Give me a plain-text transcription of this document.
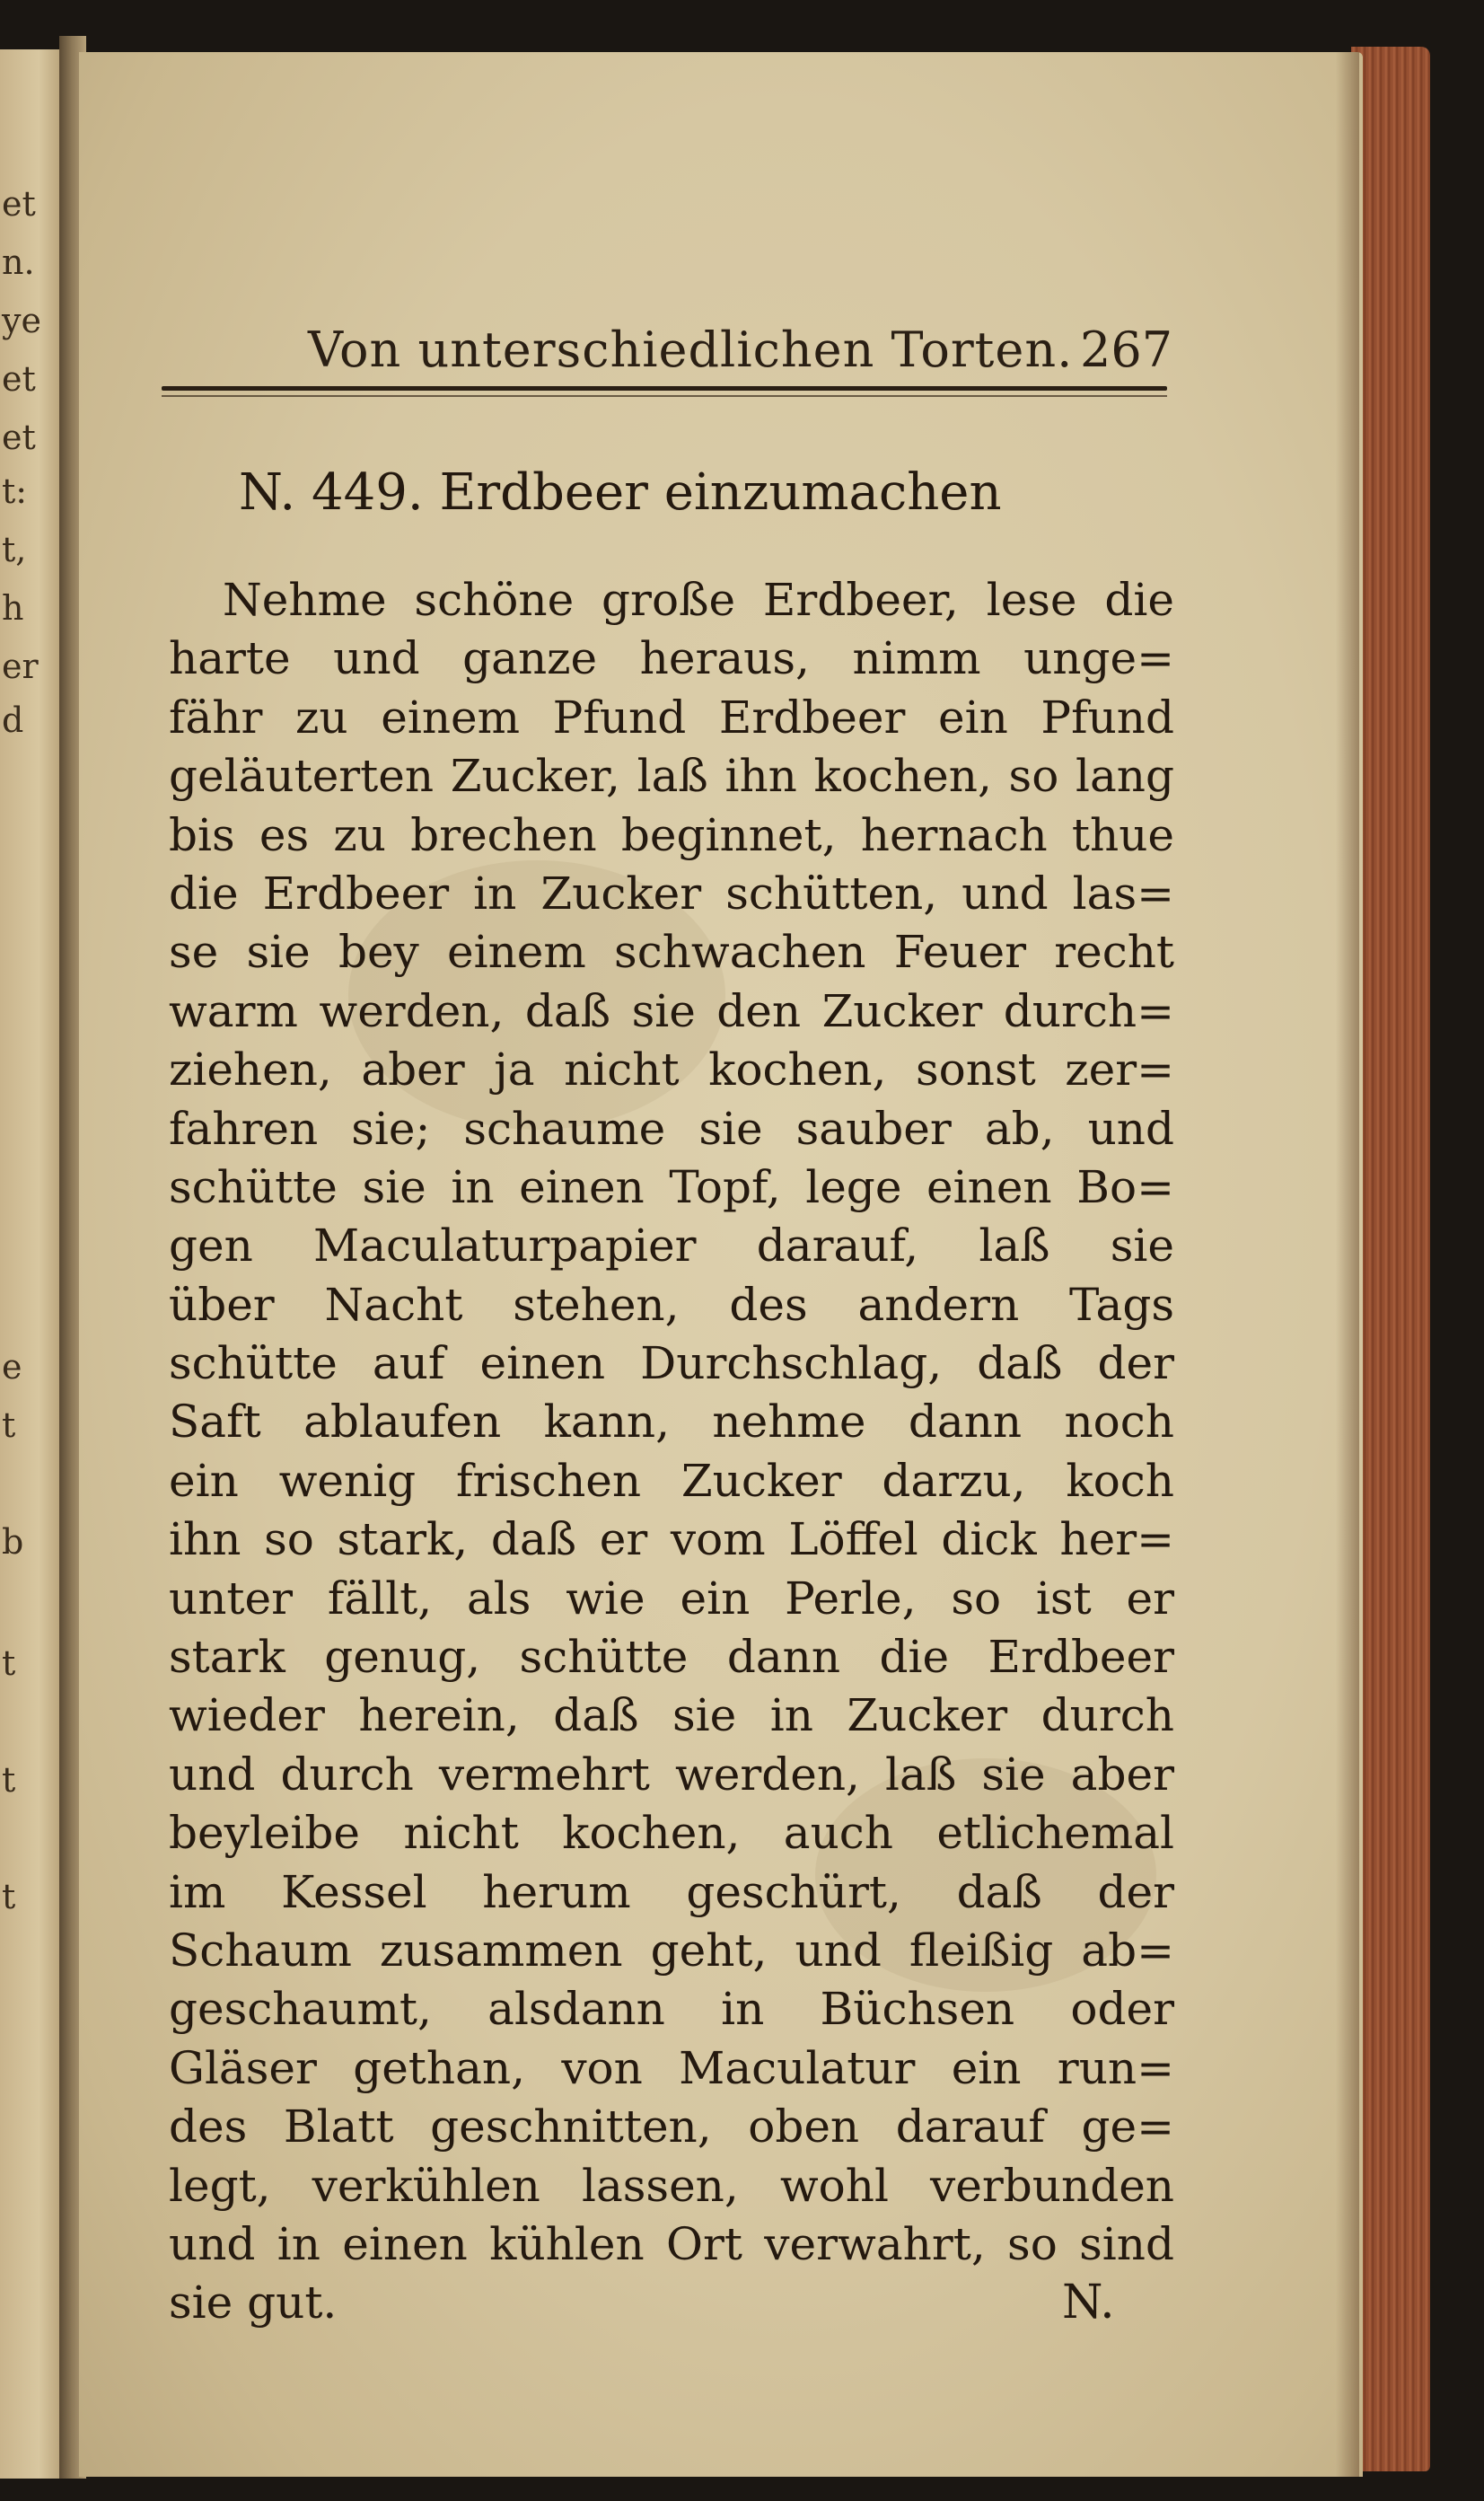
et
n.
ye
et
et
t:
t,
h
er
d
e
t
b
t
t
t
Von unterschiedlichen Torten. 267
N. 449. Erdbeer einzumachen
Nehme schöne große Erdbeer, lese die
harte und ganze heraus, nimm unge=
fähr zu einem Pfund Erdbeer ein Pfund
geläuterten Zucker, laß ihn kochen, so lang
bis es zu brechen beginnet, hernach thue
die Erdbeer in Zucker schütten, und las=
se sie bey einem schwachen Feuer recht
warm werden, daß sie den Zucker durch=
ziehen, aber ja nicht kochen, sonst zer=
fahren sie; schaume sie sauber ab, und
schütte sie in einen Topf, lege einen Bo=
gen Maculaturpapier darauf, laß sie
über Nacht stehen, des andern Tags
schütte auf einen Durchschlag, daß der
Saft ablaufen kann, nehme dann noch
ein wenig frischen Zucker darzu, koch
ihn so stark, daß er vom Löffel dick her=
unter fällt, als wie ein Perle, so ist er
stark genug, schütte dann die Erdbeer
wieder herein, daß sie in Zucker durch
und durch vermehrt werden, laß sie aber
beyleibe nicht kochen, auch etlichemal
im Kessel herum geschürt, daß der
Schaum zusammen geht, und fleißig ab=
geschaumt, alsdann in Büchsen oder
Gläser gethan, von Maculatur ein run=
des Blatt geschnitten, oben darauf ge=
legt, verkühlen lassen, wohl verbunden
und in einen kühlen Ort verwahrt, so sind
sie gut.	N.
